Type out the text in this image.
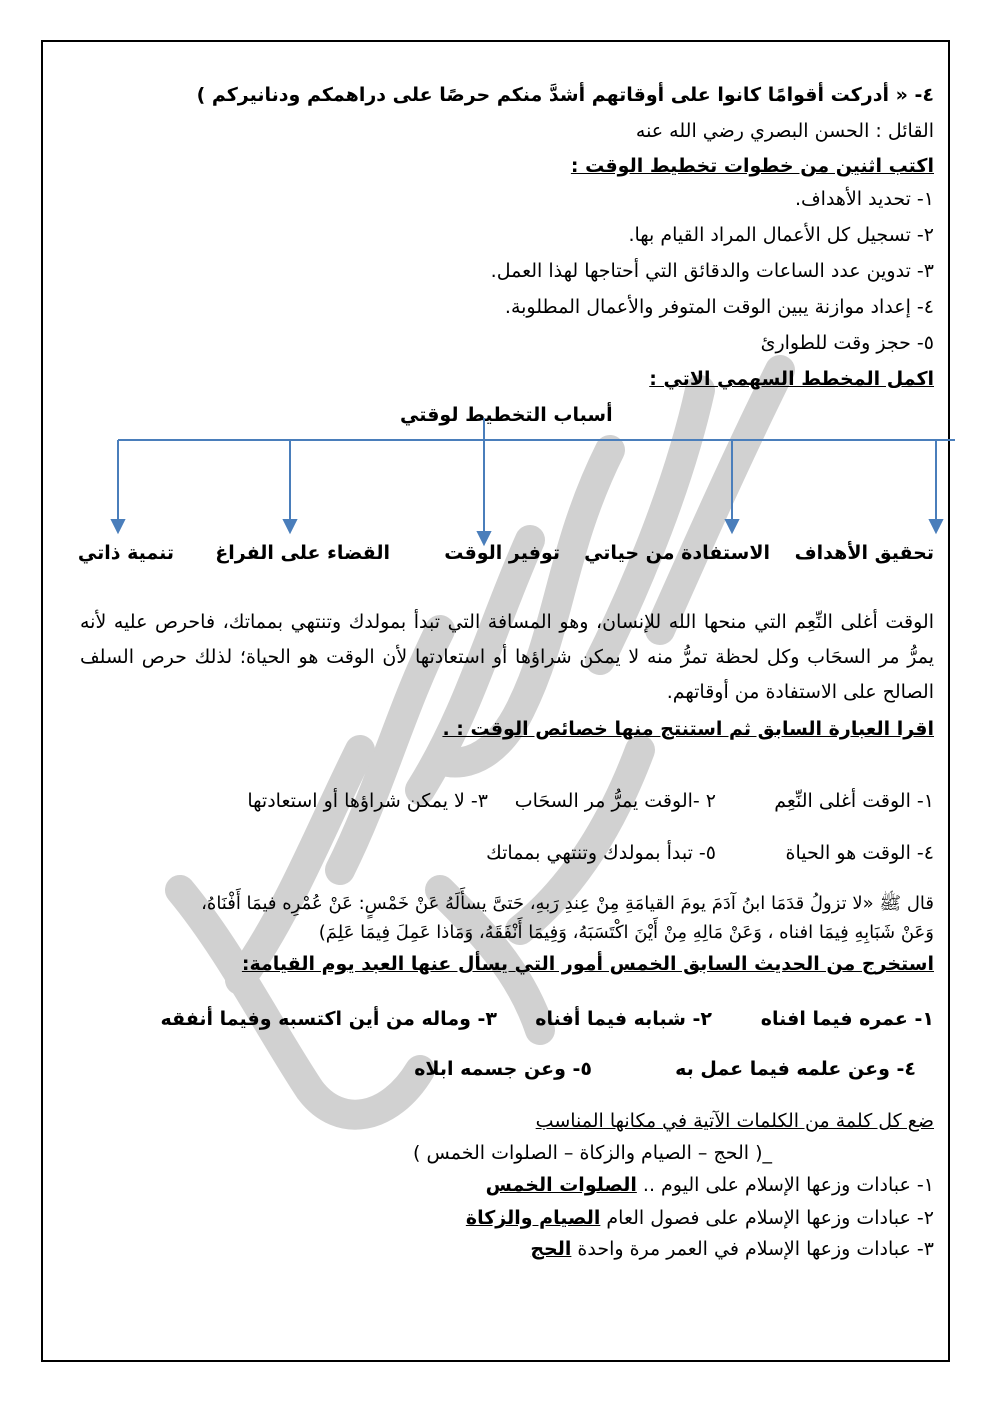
٤- « أدركت أقوامًا كانوا على أوقاتهم أشدَّ منكم حرصًا على دراهمكم ودنانيركم )
القائل : الحسن البصري رضي الله عنه
اكتب اثنين من خطوات تخطيط الوقت :
١- تحديد الأهداف.
٢- تسجيل كل الأعمال المراد القيام بها.
٣- تدوين عدد الساعات والدقائق التي أحتاجها لهذا العمل.
٤- إعداد موازنة يبين الوقت المتوفر والأعمال المطلوبة.
٥- حجز وقت للطوارئ
اكمل المخطط السهمي الاتي :
أسباب التخطيط لوقتي
تحقيق الأهداف
الاستفادة من حياتي
توفير الوقت
القضاء على الفراغ
تنمية ذاتي
الوقت أغلى النِّعِم التي منحها الله للإنسان، وهو المسافة التي تبدأ بمولدك وتنتهي بمماتك، فاحرص عليه لأنه يمرُّ مر السحَاب وكل لحظة تمرُّ منه لا يمكن شراؤها أو استعادتها لأن الوقت هو الحياة؛ لذلك حرص السلف الصالح على الاستفادة من أوقاتهم.
اقرا العبارة السابق ثم استنتج منها خصائص الوقت : .
١- الوقت أغلى النِّعِم
٢ -الوقت يمرُّ مر السحَاب
٣- لا يمكن شراؤها أو استعادتها
٤- الوقت هو الحياة
٥- تبدأ بمولدك وتنتهي بمماتك
قال ﷺ «لا تزولُ قدَمَا ابنُ آدَمَ يومَ القيامَةِ مِنْ عِندِ رَبهِ، حَتىَّ يسأَلَهُ عَنْ خَمْسٍ: عَنْ عُمْرِه فيمَا أَفْنَاهُ،
وَعَنْ شَبَابِهِ فِيمَا افناه ، وَعَنْ مَالِهِ مِنْ أَيْنَ اكْتَسَبَهُ، وَفِيمَا أَنْفَقَهُ، وَمَاذا عَمِلَ فِيمَا عَلِمَ)
استخرج من الحديث السابق الخمس أمور التي يسأل عنها العبد يوم القيامة:
١- عمره فيما افناه
٢- شبابه فيما أفناه
٣- وماله من أين اكتسبه وفيما أنفقه
٤- وعن علمه فيما عمل به
٥- وعن جسمه ابلاه
ضع كل كلمة من الكلمات الآتية في مكانها المناسب
_( الحج – الصيام والزكاة – الصلوات الخمس )
١- عبادات وزعها الإسلام على اليوم .. الصلوات الخمس
٢- عبادات وزعها الإسلام على فصول العام الصيام والزكاة
٣- عبادات وزعها الإسلام في العمر مرة واحدة الحج
